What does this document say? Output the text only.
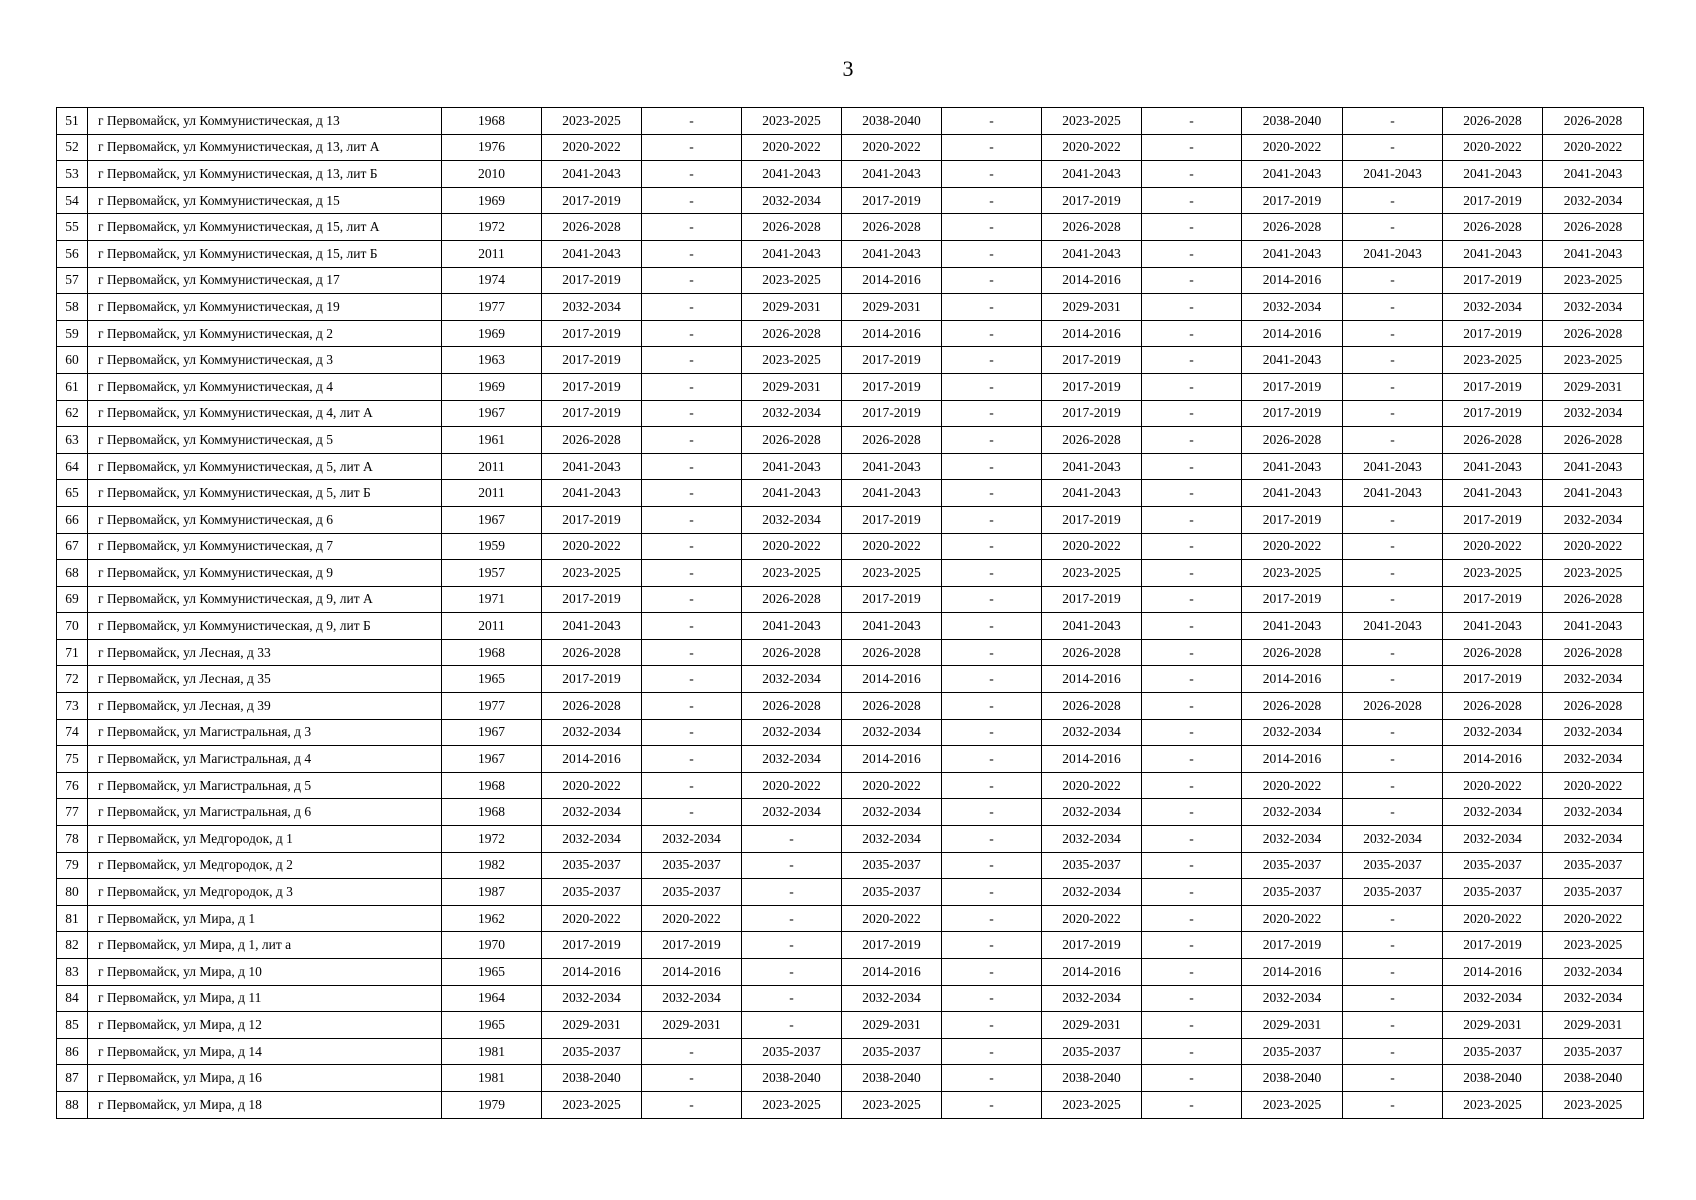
3
51	г Первомайск, ул Коммунистическая, д 13	1968	2023-2025	-	2023-2025	2038-2040	-	2023-2025	-	2038-2040	-	2026-2028	2026-2028
52	г Первомайск, ул Коммунистическая, д 13, лит А	1976	2020-2022	-	2020-2022	2020-2022	-	2020-2022	-	2020-2022	-	2020-2022	2020-2022
53	г Первомайск, ул Коммунистическая, д 13, лит Б	2010	2041-2043	-	2041-2043	2041-2043	-	2041-2043	-	2041-2043	2041-2043	2041-2043	2041-2043
54	г Первомайск, ул Коммунистическая, д 15	1969	2017-2019	-	2032-2034	2017-2019	-	2017-2019	-	2017-2019	-	2017-2019	2032-2034
55	г Первомайск, ул Коммунистическая, д 15, лит А	1972	2026-2028	-	2026-2028	2026-2028	-	2026-2028	-	2026-2028	-	2026-2028	2026-2028
56	г Первомайск, ул Коммунистическая, д 15, лит Б	2011	2041-2043	-	2041-2043	2041-2043	-	2041-2043	-	2041-2043	2041-2043	2041-2043	2041-2043
57	г Первомайск, ул Коммунистическая, д 17	1974	2017-2019	-	2023-2025	2014-2016	-	2014-2016	-	2014-2016	-	2017-2019	2023-2025
58	г Первомайск, ул Коммунистическая, д 19	1977	2032-2034	-	2029-2031	2029-2031	-	2029-2031	-	2032-2034	-	2032-2034	2032-2034
59	г Первомайск, ул Коммунистическая, д 2	1969	2017-2019	-	2026-2028	2014-2016	-	2014-2016	-	2014-2016	-	2017-2019	2026-2028
60	г Первомайск, ул Коммунистическая, д 3	1963	2017-2019	-	2023-2025	2017-2019	-	2017-2019	-	2041-2043	-	2023-2025	2023-2025
61	г Первомайск, ул Коммунистическая, д 4	1969	2017-2019	-	2029-2031	2017-2019	-	2017-2019	-	2017-2019	-	2017-2019	2029-2031
62	г Первомайск, ул Коммунистическая, д 4, лит А	1967	2017-2019	-	2032-2034	2017-2019	-	2017-2019	-	2017-2019	-	2017-2019	2032-2034
63	г Первомайск, ул Коммунистическая, д 5	1961	2026-2028	-	2026-2028	2026-2028	-	2026-2028	-	2026-2028	-	2026-2028	2026-2028
64	г Первомайск, ул Коммунистическая, д 5, лит А	2011	2041-2043	-	2041-2043	2041-2043	-	2041-2043	-	2041-2043	2041-2043	2041-2043	2041-2043
65	г Первомайск, ул Коммунистическая, д 5, лит Б	2011	2041-2043	-	2041-2043	2041-2043	-	2041-2043	-	2041-2043	2041-2043	2041-2043	2041-2043
66	г Первомайск, ул Коммунистическая, д 6	1967	2017-2019	-	2032-2034	2017-2019	-	2017-2019	-	2017-2019	-	2017-2019	2032-2034
67	г Первомайск, ул Коммунистическая, д 7	1959	2020-2022	-	2020-2022	2020-2022	-	2020-2022	-	2020-2022	-	2020-2022	2020-2022
68	г Первомайск, ул Коммунистическая, д 9	1957	2023-2025	-	2023-2025	2023-2025	-	2023-2025	-	2023-2025	-	2023-2025	2023-2025
69	г Первомайск, ул Коммунистическая, д 9, лит А	1971	2017-2019	-	2026-2028	2017-2019	-	2017-2019	-	2017-2019	-	2017-2019	2026-2028
70	г Первомайск, ул Коммунистическая, д 9, лит Б	2011	2041-2043	-	2041-2043	2041-2043	-	2041-2043	-	2041-2043	2041-2043	2041-2043	2041-2043
71	г Первомайск, ул Лесная, д 33	1968	2026-2028	-	2026-2028	2026-2028	-	2026-2028	-	2026-2028	-	2026-2028	2026-2028
72	г Первомайск, ул Лесная, д 35	1965	2017-2019	-	2032-2034	2014-2016	-	2014-2016	-	2014-2016	-	2017-2019	2032-2034
73	г Первомайск, ул Лесная, д 39	1977	2026-2028	-	2026-2028	2026-2028	-	2026-2028	-	2026-2028	2026-2028	2026-2028	2026-2028
74	г Первомайск, ул Магистральная, д 3	1967	2032-2034	-	2032-2034	2032-2034	-	2032-2034	-	2032-2034	-	2032-2034	2032-2034
75	г Первомайск, ул Магистральная, д 4	1967	2014-2016	-	2032-2034	2014-2016	-	2014-2016	-	2014-2016	-	2014-2016	2032-2034
76	г Первомайск, ул Магистральная, д 5	1968	2020-2022	-	2020-2022	2020-2022	-	2020-2022	-	2020-2022	-	2020-2022	2020-2022
77	г Первомайск, ул Магистральная, д 6	1968	2032-2034	-	2032-2034	2032-2034	-	2032-2034	-	2032-2034	-	2032-2034	2032-2034
78	г Первомайск, ул Медгородок, д 1	1972	2032-2034	2032-2034	-	2032-2034	-	2032-2034	-	2032-2034	2032-2034	2032-2034	2032-2034
79	г Первомайск, ул Медгородок, д 2	1982	2035-2037	2035-2037	-	2035-2037	-	2035-2037	-	2035-2037	2035-2037	2035-2037	2035-2037
80	г Первомайск, ул Медгородок, д 3	1987	2035-2037	2035-2037	-	2035-2037	-	2032-2034	-	2035-2037	2035-2037	2035-2037	2035-2037
81	г Первомайск, ул Мира, д 1	1962	2020-2022	2020-2022	-	2020-2022	-	2020-2022	-	2020-2022	-	2020-2022	2020-2022
82	г Первомайск, ул Мира, д 1, лит а	1970	2017-2019	2017-2019	-	2017-2019	-	2017-2019	-	2017-2019	-	2017-2019	2023-2025
83	г Первомайск, ул Мира, д 10	1965	2014-2016	2014-2016	-	2014-2016	-	2014-2016	-	2014-2016	-	2014-2016	2032-2034
84	г Первомайск, ул Мира, д 11	1964	2032-2034	2032-2034	-	2032-2034	-	2032-2034	-	2032-2034	-	2032-2034	2032-2034
85	г Первомайск, ул Мира, д 12	1965	2029-2031	2029-2031	-	2029-2031	-	2029-2031	-	2029-2031	-	2029-2031	2029-2031
86	г Первомайск, ул Мира, д 14	1981	2035-2037	-	2035-2037	2035-2037	-	2035-2037	-	2035-2037	-	2035-2037	2035-2037
87	г Первомайск, ул Мира, д 16	1981	2038-2040	-	2038-2040	2038-2040	-	2038-2040	-	2038-2040	-	2038-2040	2038-2040
88	г Первомайск, ул Мира, д 18	1979	2023-2025	-	2023-2025	2023-2025	-	2023-2025	-	2023-2025	-	2023-2025	2023-2025
